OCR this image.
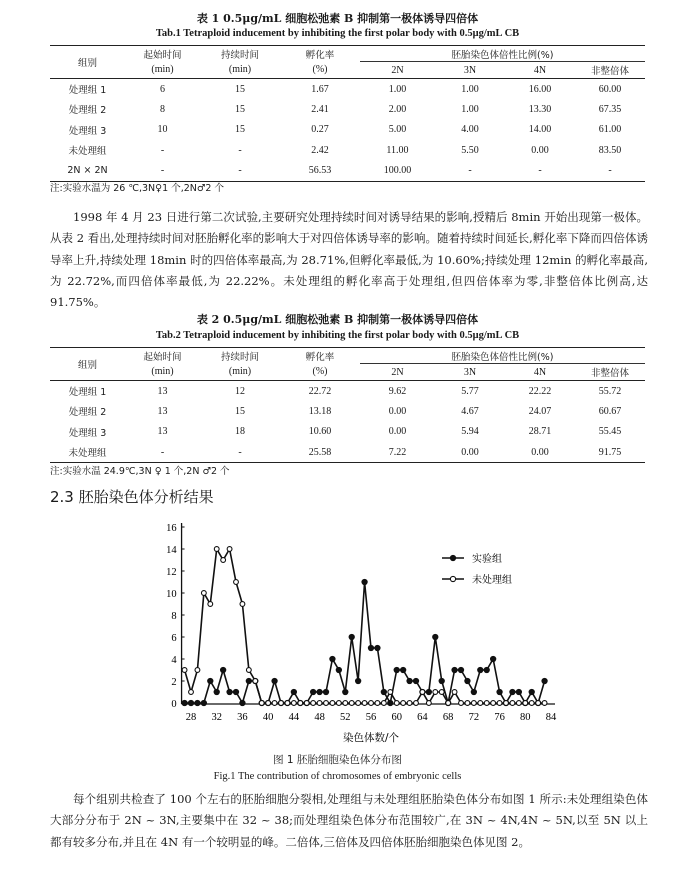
表 1 0.5μg/mL 细胞松弛素 B 抑制第一极体诱导四倍体
Tab.1 Tetraploid inducement by inhibiting the first polar body with 0.5μg/mL CB
组别	起始时间	持续时间	孵化率	胚胎染色体倍性比例(%)			
	(min)	(min)	(%)	2N	3N	4N	非整倍体
处理组 1	6	15	1.67	1.00	1.00	16.00	60.00
处理组 2	8	15	2.41	2.00	1.00	13.30	67.35
处理组 3	10	15	0.27	5.00	4.00	14.00	61.00
未处理组	-	-	2.42	11.00	5.50	0.00	83.50
2N × 2N	-	-	56.53	100.00	-	-	-
注:实验水温为 26 ℃,3N♀1 个,2N♂2 个

1998 年 4 月 23 日进行第二次试验,主要研究处理持续时间对诱导结果的影响,授精后 8min 开始出现第一极体。从表 2 看出,处理持续时间对胚胎孵化率的影响大于对四倍体诱导率的影响。随着持续时间延长,孵化率下降而四倍体诱导率上升,持续处理 18min 时的四倍体率最高,为 28.71%,但孵化率最低,为 10.60%;持续处理 12min 的孵化率最高,为 22.72%,而四倍体率最低,为 22.22%。未处理组的孵化率高于处理组,但四倍体率为零,非整倍体比例高,达 91.75%。

表 2 0.5μg/mL 细胞松弛素 B 抑制第一极体诱导四倍体
Tab.2 Tetraploid inducement by inhibiting the first polar body with 0.5μg/mL CB
组别	起始时间	持续时间	孵化率	胚胎染色体倍性比例(%)			
	(min)	(min)	(%)	2N	3N	4N	非整倍体
处理组 1	13	12	22.72	9.62	5.77	22.22	55.72
处理组 2	13	15	13.18	0.00	4.67	24.07	60.67
处理组 3	13	18	10.60	0.00	5.94	28.71	55.45
未处理组	-	-	25.58	7.22	0.00	0.00	91.75
注:实验水温 24.9℃,3N ♀ 1 个,2N ♂2 个
2.3 胚胎染色体分析结果
0
2
4
6
8
10
12
14
16
28 32 36 40 44 48 52 56 60 64 68 72 76 80 84
实验组
未处理组
染色体数/个
图 1 胚胎细胞染色体分布图
Fig.1 The contribution of chromosomes of embryonic cells

每个组别共检查了 100 个左右的胚胎细胞分裂相,处理组与未处理组胚胎染色体分布如图 1 所示:未处理组染色体大部分分布于 2N ~ 3N,主要集中在 32 ~ 38;而处理组染色体分布范围较广,在 3N ~ 4N,4N ~ 5N,以至 5N 以上都有较多分布,并且在 4N 有一个较明显的峰。二倍体,三倍体及四倍体胚胎细胞染色体见图 2。
